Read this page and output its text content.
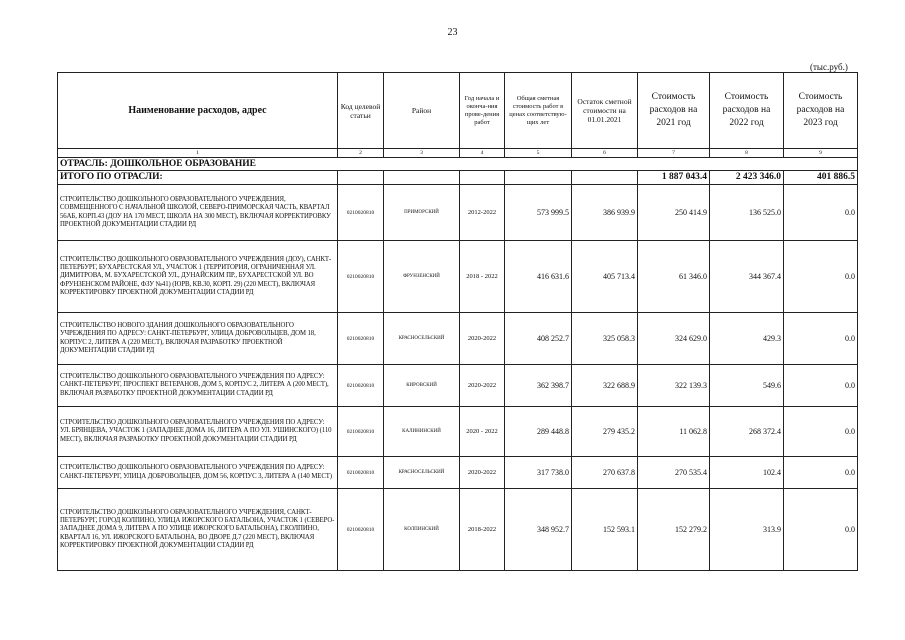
23
(тыс.руб.)
Наименование расходов, адрес	Код целевой статьи	Район	Год начала и оконча-ния прове-дения работ	Общая сметная стоимость работ в ценах соответствую-щих лет	Остаток сметной стоимости на 01.01.2021	Стоимость расходов на 2021 год	Стоимость расходов на 2022 год	Стоимость расходов на 2023 год
1	2	3	4	5	6	7	8	9
ОТРАСЛЬ: ДОШКОЛЬНОЕ ОБРАЗОВАНИЕ								
ИТОГО ПО ОТРАСЛИ:						1 887 043.4	2 423 346.0	401 886.5
СТРОИТЕЛЬСТВО ДОШКОЛЬНОГО ОБРАЗОВАТЕЛЬНОГО УЧРЕЖДЕНИЯ, СОВМЕЩЕННОГО С НАЧАЛЬНОЙ ШКОЛОЙ, СЕВЕРО-ПРИМОРСКАЯ ЧАСТЬ, КВАРТАЛ 56АБ, КОРП.43 (ДОУ НА 170 МЕСТ, ШКОЛА НА 300 МЕСТ), ВКЛЮЧАЯ КОРРЕКТИРОВКУ ПРОЕКТНОЙ ДОКУМЕНТАЦИИ СТАДИИ РД	0210020810	ПРИМОРСКИЙ	2012-2022	573 999.5	386 939.9	250 414.9	136 525.0	0.0
СТРОИТЕЛЬСТВО ДОШКОЛЬНОГО ОБРАЗОВАТЕЛЬНОГО УЧРЕЖДЕНИЯ (ДОУ), САНКТ-ПЕТЕРБУРГ, БУХАРЕСТСКАЯ УЛ., УЧАСТОК 1 (ТЕРРИТОРИЯ, ОГРАНИЧЕННАЯ УЛ. ДИМИТРОВА, М. БУХАРЕСТСКОЙ УЛ., ДУНАЙСКИМ ПР., БУХАРЕСТСКОЙ УЛ. ВО ФРУНЗЕНСКОМ РАЙОНЕ, ФЗУ №41) (ЮРВ, КВ.30, КОРП. 29) (220 МЕСТ), ВКЛЮЧАЯ КОРРЕКТИРОВКУ ПРОЕКТНОЙ ДОКУМЕНТАЦИИ СТАДИИ РД	0210020810	ФРУНЗЕНСКИЙ	2018 - 2022	416 631.6	405 713.4	61 346.0	344 367.4	0.0
СТРОИТЕЛЬСТВО НОВОГО ЗДАНИЯ ДОШКОЛЬНОГО ОБРАЗОВАТЕЛЬНОГО УЧРЕЖДЕНИЯ ПО АДРЕСУ: САНКТ-ПЕТЕРБУРГ, УЛИЦА ДОБРОВОЛЬЦЕВ, ДОМ 18, КОРПУС 2, ЛИТЕРА А (220 МЕСТ), ВКЛЮЧАЯ РАЗРАБОТКУ ПРОЕКТНОЙ ДОКУМЕНТАЦИИ СТАДИИ РД	0210020810	КРАСНОСЕЛЬСКИЙ	2020-2022	408 252.7	325 058.3	324 629.0	429.3	0.0
СТРОИТЕЛЬСТВО ДОШКОЛЬНОГО ОБРАЗОВАТЕЛЬНОГО УЧРЕЖДЕНИЯ ПО АДРЕСУ: САНКТ-ПЕТЕРБУРГ, ПРОСПЕКТ ВЕТЕРАНОВ, ДОМ 5, КОРПУС 2, ЛИТЕРА А (200 МЕСТ), ВКЛЮЧАЯ РАЗРАБОТКУ ПРОЕКТНОЙ ДОКУМЕНТАЦИИ СТАДИИ РД	0210020810	КИРОВСКИЙ	2020-2022	362 398.7	322 688.9	322 139.3	549.6	0.0
СТРОИТЕЛЬСТВО ДОШКОЛЬНОГО ОБРАЗОВАТЕЛЬНОГО УЧРЕЖДЕНИЯ ПО АДРЕСУ: УЛ. БРЯНЦЕВА, УЧАСТОК 1 (ЗАПАДНЕЕ ДОМА 16, ЛИТЕРА А ПО УЛ. УШИНСКОГО) (110 МЕСТ), ВКЛЮЧАЯ РАЗРАБОТКУ ПРОЕКТНОЙ ДОКУМЕНТАЦИИ СТАДИИ РД	0210020810	КАЛИНИНСКИЙ	2020 - 2022	289 448.8	279 435.2	11 062.8	268 372.4	0.0
СТРОИТЕЛЬСТВО ДОШКОЛЬНОГО ОБРАЗОВАТЕЛЬНОГО УЧРЕЖДЕНИЯ ПО АДРЕСУ: САНКТ-ПЕТЕРБУРГ, УЛИЦА ДОБРОВОЛЬЦЕВ, ДОМ 56, КОРПУС 3, ЛИТЕРА А (140 МЕСТ)	0210020810	КРАСНОСЕЛЬСКИЙ	2020-2022	317 738.0	270 637.8	270 535.4	102.4	0.0
СТРОИТЕЛЬСТВО ДОШКОЛЬНОГО ОБРАЗОВАТЕЛЬНОГО УЧРЕЖДЕНИЯ, САНКТ-ПЕТЕРБУРГ, ГОРОД КОЛПИНО, УЛИЦА ИЖОРСКОГО БАТАЛЬОНА, УЧАСТОК 1 (СЕВЕРО-ЗАПАДНЕЕ ДОМА 9, ЛИТЕРА А ПО УЛИЦЕ ИЖОРСКОГО БАТАЛЬОНА), Г.КОЛПИНО, КВАРТАЛ 16, УЛ. ИЖОРСКОГО БАТАЛЬОНА, ВО ДВОРЕ Д.7 (220 МЕСТ), ВКЛЮЧАЯ КОРРЕКТИРОВКУ ПРОЕКТНОЙ ДОКУМЕНТАЦИИ СТАДИИ РД	0210020810	КОЛПИНСКИЙ	2018-2022	348 952.7	152 593.1	152 279.2	313.9	0.0
